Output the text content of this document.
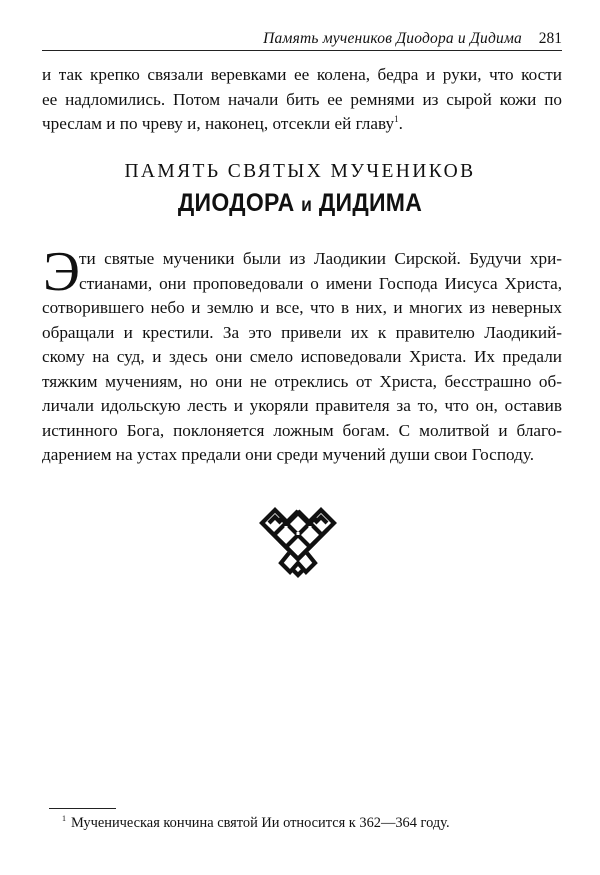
Память мучеников Диодора и Дидима 281
и так крепко связали веревками ее колена, бедра и руки, что кости
ее надломились. Потом начали бить ее ремнями из сырой кожи по
чреслам и по чреву и, наконец, отсекли ей главу$^1$.
ПАМЯТЬ СВЯТЫХ МУЧЕНИКОВ
ДИОДОРА и ДИДИМА
Э ти святые мученики были из Лаодикии Сирской. Будучи хри-
стианами, они проповедовали о имени Господа Иисуса Христа,
сотворившего небо и землю и все, что в них, и многих из неверных
обращали и крестили. За это привели их к правителю Лаодикий-
скому на суд, и здесь они смело исповедовали Христа. Их предали
тяжким мучениям, но они не отреклись от Христа, бесстрашно об-
личали идольскую лесть и укоряли правителя за то, что он, оставив
истинного Бога, поклоняется ложным богам. С молитвой и благо-
дарением на устах предали они среди мучений души свои Господу.
$^1$ Мученическая кончина святой Ии относится к 362—364 году.
